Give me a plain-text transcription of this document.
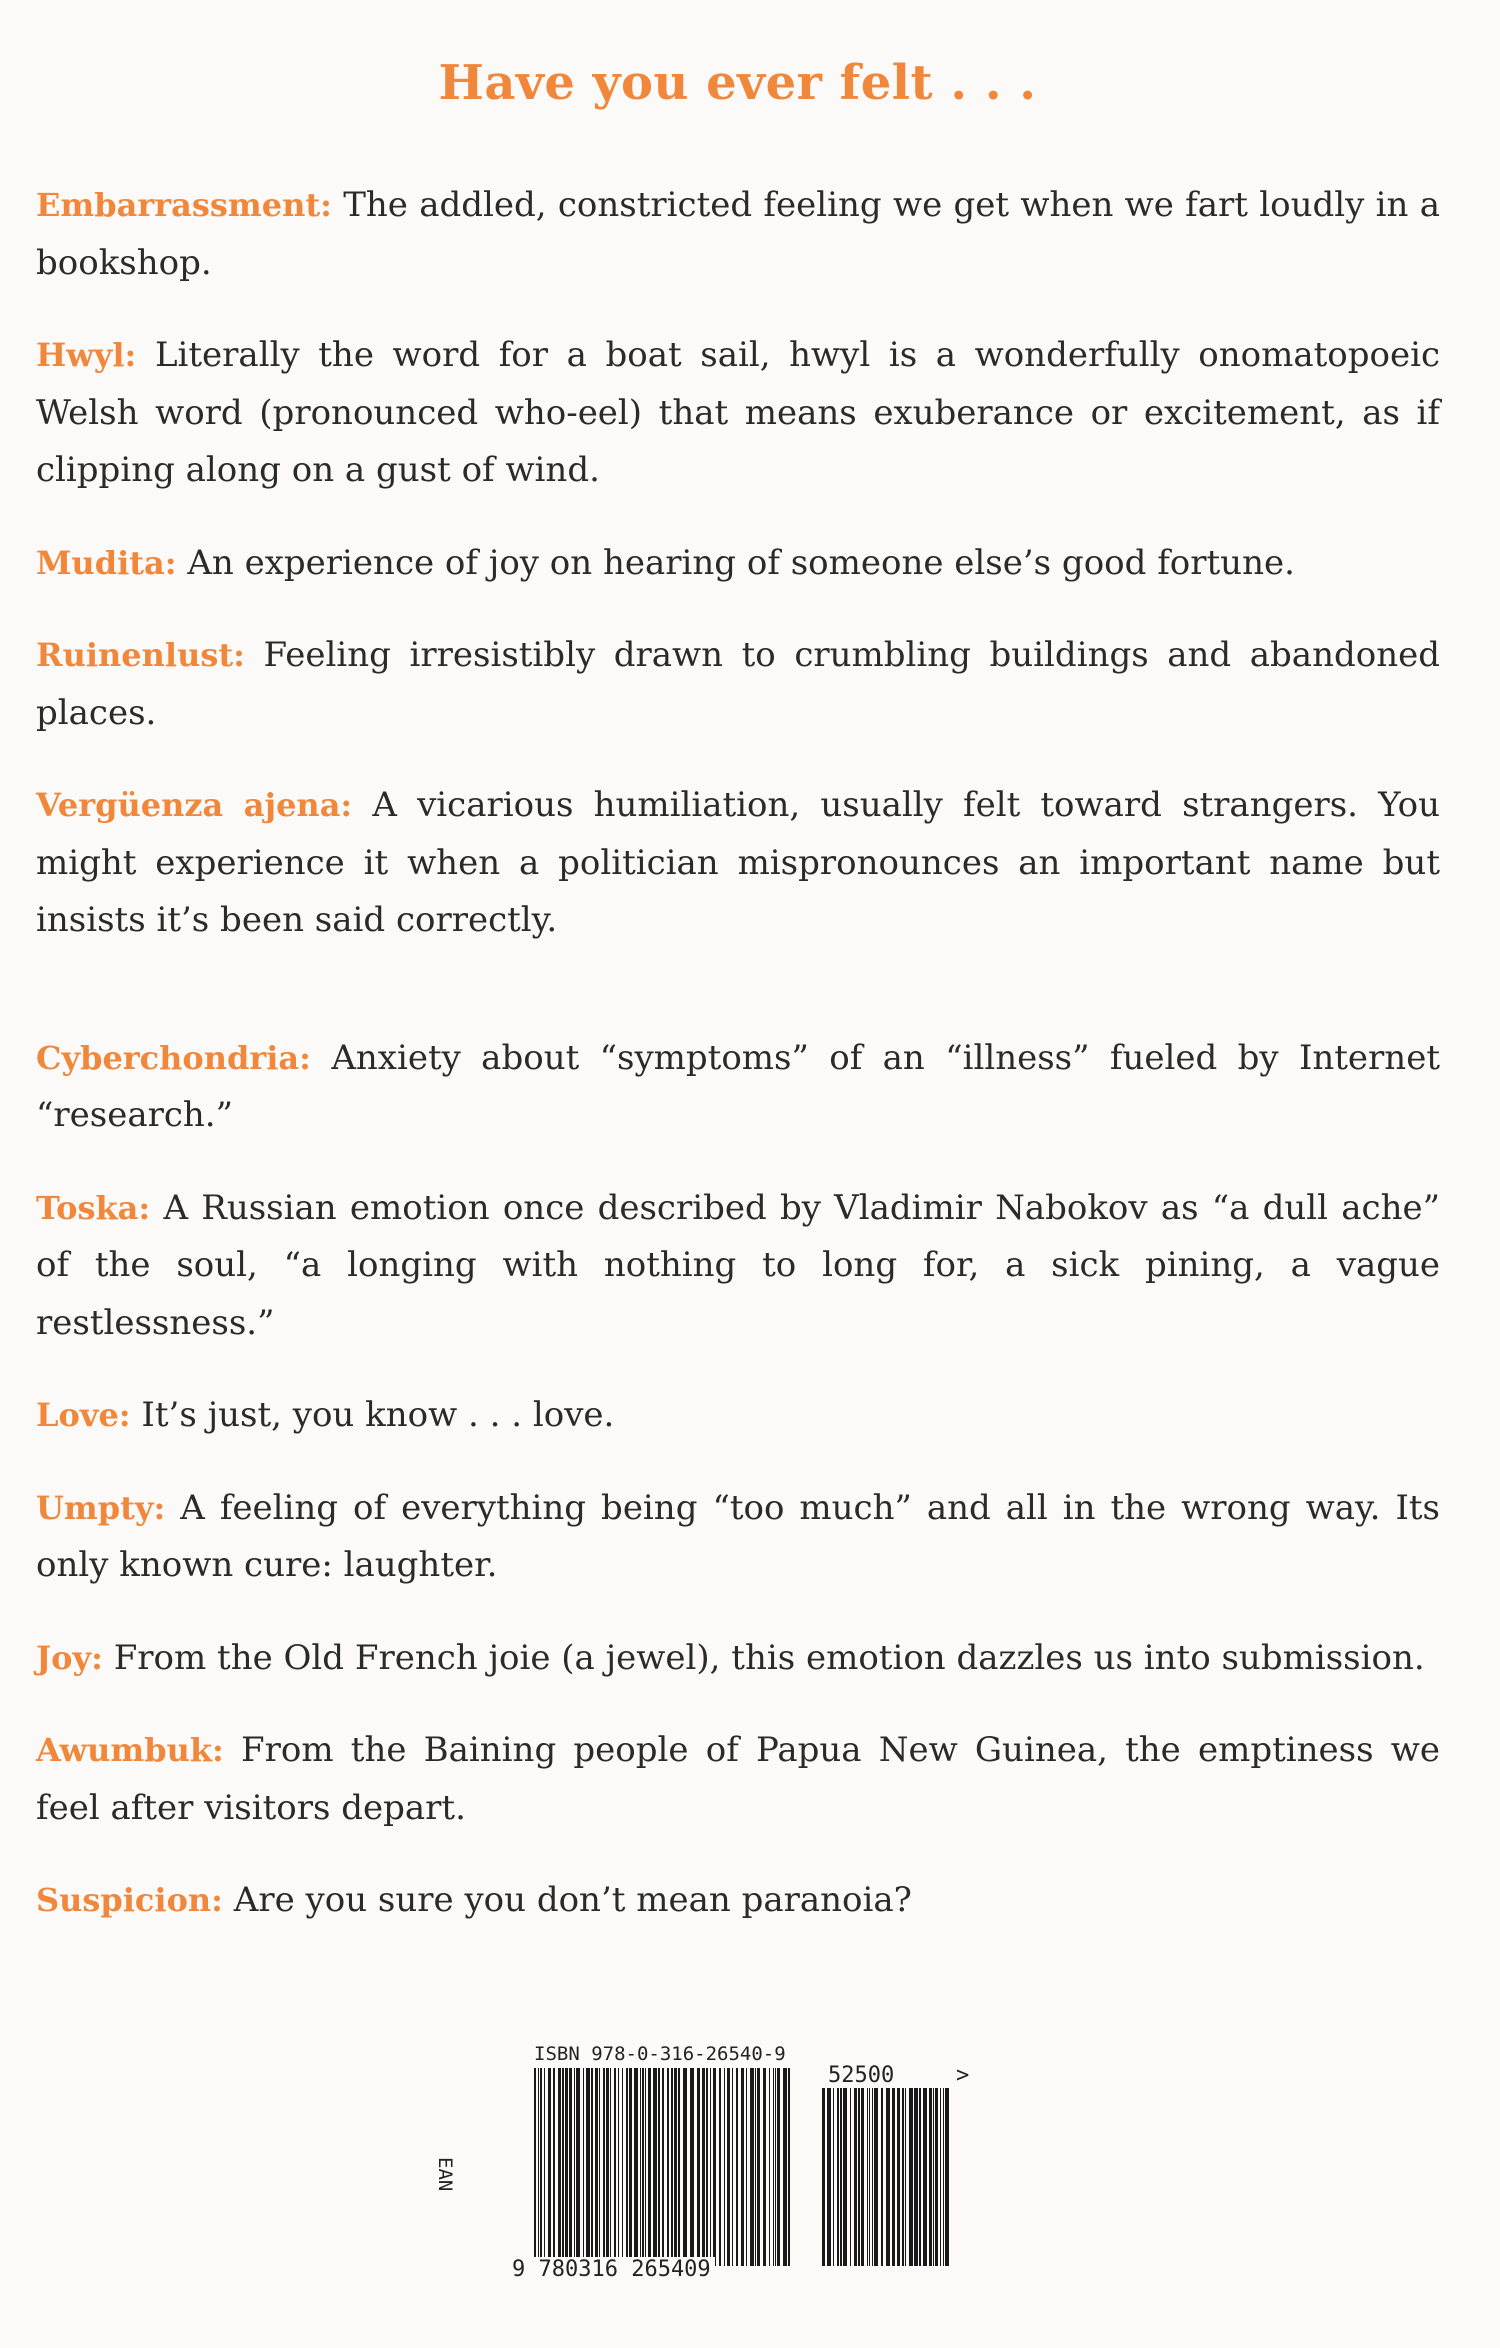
Have you ever felt . . .

Embarrassment: The addled, constricted feeling we get when we fart loudly in a bookshop.

Hwyl: Literally the word for a boat sail, hwyl is a wonderfully onomatopoeic Welsh word (pronounced who-eel) that means exuberance or excitement, as if clipping along on a gust of wind.

Mudita: An experience of joy on hearing of someone else’s good fortune.

Ruinenlust: Feeling irresistibly drawn to crumbling buildings and abandoned places.

Vergüenza ajena: A vicarious humiliation, usually felt toward strangers. You might experience it when a politician mispronounces an important name but insists it’s been said correctly.

Cyberchondria: Anxiety about “symptoms” of an “illness” fueled by Internet “research.”

Toska: A Russian emotion once described by Vladimir Nabokov as “a dull ache” of the soul, “a longing with nothing to long for, a sick pining, a vague restlessness.”

Love: It’s just, you know . . . love.

Umpty: A feeling of everything being “too much” and all in the wrong way. Its only known cure: laughter.

Joy: From the Old French joie (a jewel), this emotion dazzles us into submission.

Awumbuk: From the Baining people of Papua New Guinea, the emptiness we feel after visitors depart.

Suspicion: Are you sure you don’t mean paranoia?

ISBN 978-0-316-26540-9
EAN
52500	>
9 780316 265409
